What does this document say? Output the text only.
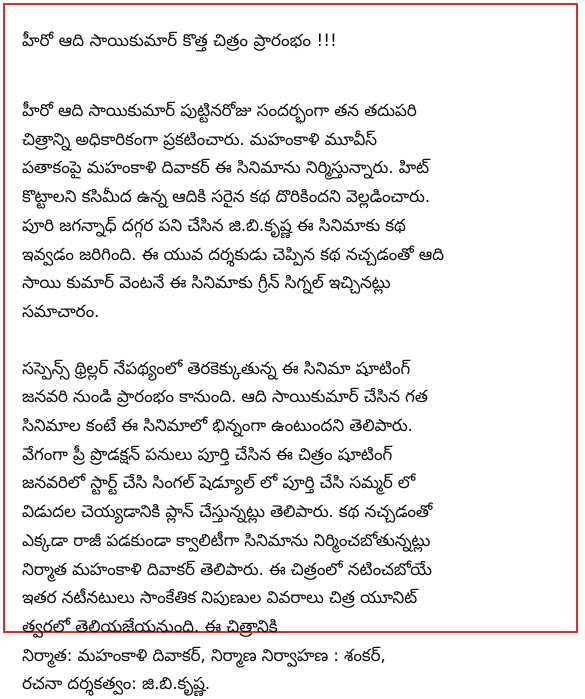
హీరో ఆది సాయికుమార్ కొత్త చిత్రం ప్రారంభం !!!

హీరో ఆది సాయికుమార్ పుట్టినరోజు సందర్భంగా తన తదుపరి
చిత్రాన్ని అధికారికంగా ప్రకటించారు. మహంకాళి మూవీస్
పతాకంపై మహంకాళి దివాకర్ ఈ సినిమాను నిర్మిస్తున్నారు. హిట్
కొట్టాలని కసిమీద ఉన్న ఆదికి సరైన కథ దొరికిందని వెల్లడించారు.
పూరి జగన్నాధ్ దగ్గర పని చేసిన జి.బి.కృష్ణ ఈ సినిమాకు కథ
ఇవ్వడం జరిగింది. ఈ యువ దర్శకుడు చెప్పిన కథ నచ్చడంతో ఆది
సాయి కుమార్ వెంటనే ఈ సినిమాకు గ్రీన్ సిగ్నల్ ఇచ్చినట్లు
సమాచారం.

సస్పెన్స్ థ్రిల్లర్ నేపథ్యంలో తెరకెక్కుతున్న ఈ సినిమా షూటింగ్
జనవరి నుండి ప్రారంభం కానుంది. ఆది సాయికుమార్ చేసిన గత
సినిమాల కంటే ఈ సినిమాలో భిన్నంగా ఉంటుందని తెలిపారు.
వేగంగా ప్రీ ప్రొడక్షన్ పనులు పూర్తి చేసిన ఈ చిత్రం షూటింగ్
జనవరిలో స్టార్ట్ చేసి సింగల్ షెడ్యూల్ లో పూర్తి చేసి సమ్మర్ లో
విడుదల చెయ్యడానికి ప్లాన్ చేస్తున్నట్లు తెలిపారు. కథ నచ్చడంతో
ఎక్కడా రాజీ పడకుండా క్వాలిటీగా సినిమాను నిర్మించబోతున్నట్లు
నిర్మాత మహంకాళి దివాకర్ తెలిపారు. ఈ చిత్రంలో నటించబోయే
ఇతర నటీనటులు సాంకేతిక నిపుణుల వివరాలు చిత్ర యూనిట్
త్వరలో తెలియజేయనుంది. ఈ చిత్రానికి
నిర్మాత: మహంకాళి దివాకర్, నిర్మాణ నిర్వాహణ : శంకర్,
రచనా దర్శకత్వం: జి.బి.కృష్ణ.
